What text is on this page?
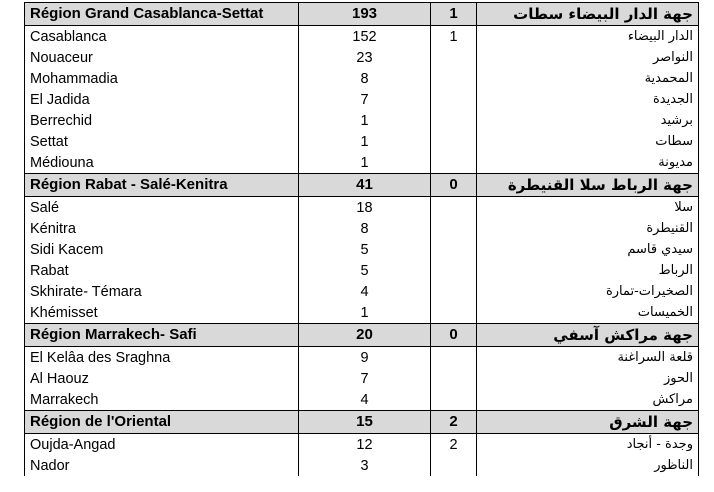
Région Grand Casablanca-Settat	193	1	جهة الدار البيضاء سطات
Casablanca	152	1	الدار البيضاء
Nouaceur	23		النواصر
Mohammadia	8		المحمدية
El Jadida	7		الجديدة
Berrechid	1		برشيد
Settat	1		سطات
Médiouna	1		مديونة
Région Rabat - Salé-Kenitra	41	0	جهة الرباط سلا القنيطرة
Salé	18		سلا
Kénitra	8		القنيطرة
Sidi Kacem	5		سيدي قاسم
Rabat	5		الرباط
Skhirate- Témara	4		الصخيرات-تمارة
Khémisset	1		الخميسات
Région Marrakech- Safi	20	0	جهة مراكش آسفي
El Kelâa des Sraghna	9		قلعة السراغنة
Al Haouz	7		الحوز
Marrakech	4		مراكش
Région de l'Oriental	15	2	جهة الشرق
Oujda-Angad	12	2	وجدة - أنجاد
Nador	3		الناظور
